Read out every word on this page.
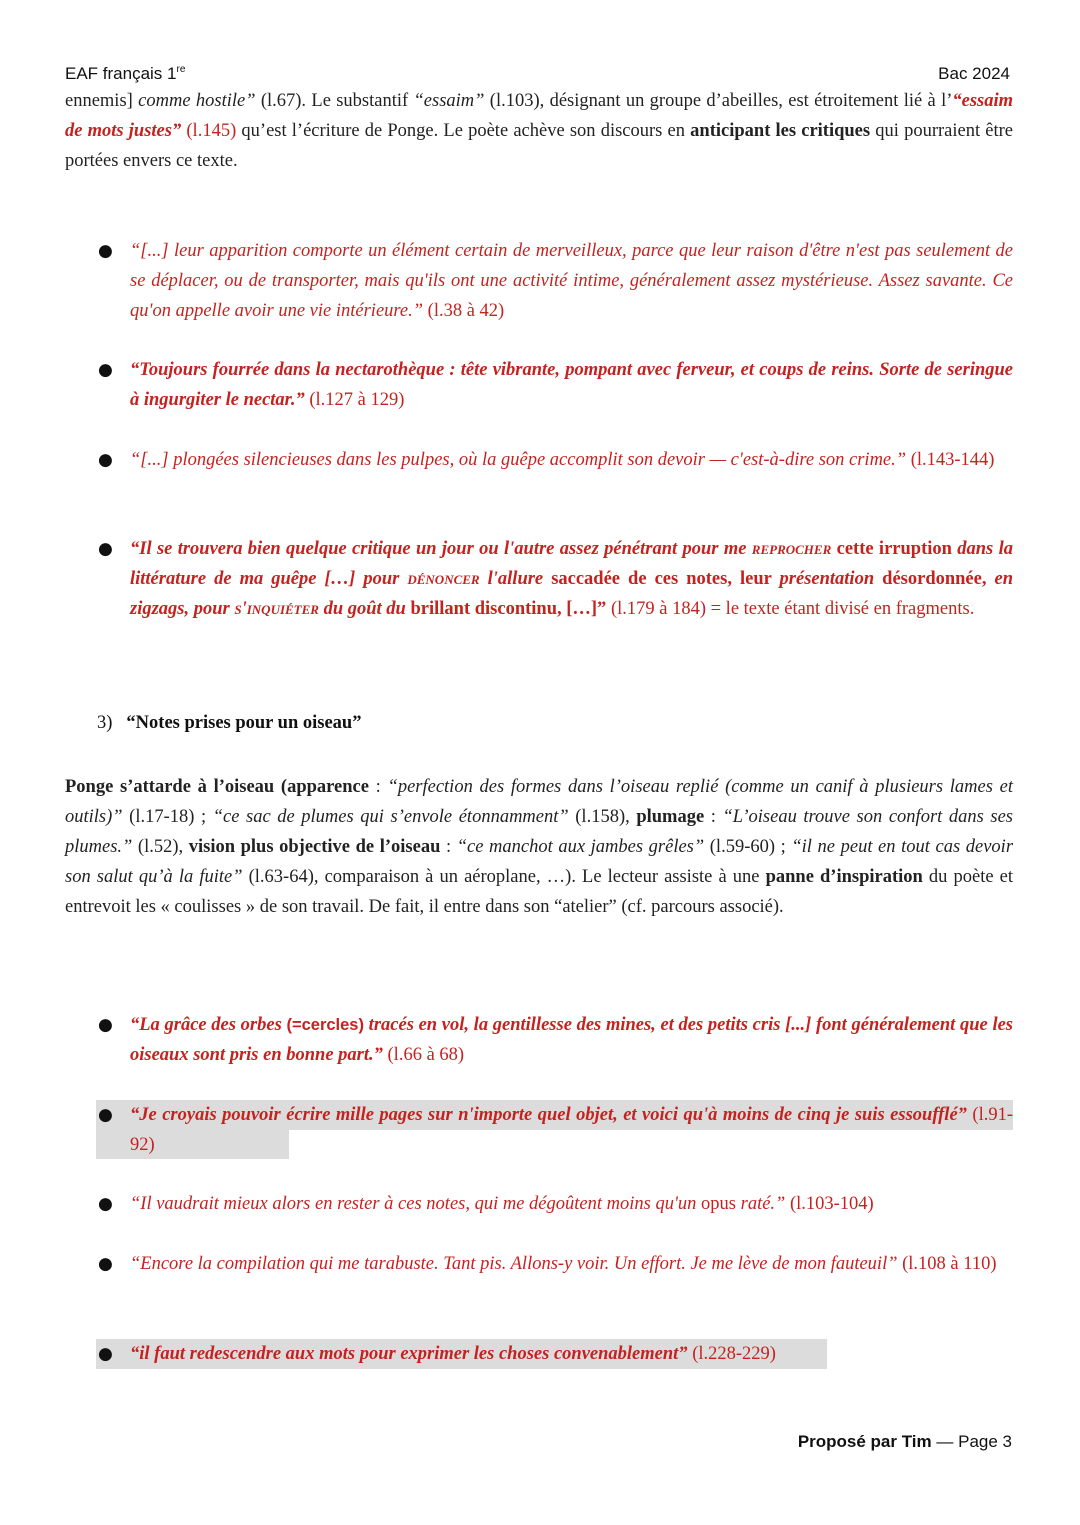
EAF français 1re	Bac 2024
ennemis] comme hostile” (l.67). Le substantif “essaim” (l.103), désignant un groupe d’abeilles, est étroitement lié à l’“essaim de mots justes” (l.145) qu’est l’écriture de Ponge. Le poète achève son discours en anticipant les critiques qui pourraient être portées envers ce texte.
● “[...] leur apparition comporte un élément certain de merveilleux, parce que leur raison d'être n'est pas seulement de se déplacer, ou de transporter, mais qu'ils ont une activité intime, généralement assez mystérieuse. Assez savante. Ce qu'on appelle avoir une vie intérieure.” (l.38 à 42)
● “Toujours fourrée dans la nectarothèque : tête vibrante, pompant avec ferveur, et coups de reins. Sorte de seringue à ingurgiter le nectar.” (l.127 à 129)
● “[...] plongées silencieuses dans les pulpes, où la guêpe accomplit son devoir — c'est-à-dire son crime.” (l.143-144)
● “Il se trouvera bien quelque critique un jour ou l'autre assez pénétrant pour me reprocher cette irruption dans la littérature de ma guêpe […] pour dénoncer l'allure saccadée de ces notes, leur présentation désordonnée, en zigzags, pour s'inquiéter du goût du brillant discontinu, […]” (l.179 à 184) = le texte étant divisé en fragments.
3) “Notes prises pour un oiseau”
Ponge s’attarde à l’oiseau (apparence : “perfection des formes dans l’oiseau replié (comme un canif à plusieurs lames et outils)” (l.17-18) ; “ce sac de plumes qui s’envole étonnamment” (l.158), plumage : “L’oiseau trouve son confort dans ses plumes.” (l.52), vision plus objective de l’oiseau : “ce manchot aux jambes grêles” (l.59-60) ; “il ne peut en tout cas devoir son salut qu’à la fuite” (l.63-64), comparaison à un aéroplane, …). Le lecteur assiste à une panne d’inspiration du poète et entrevoit les « coulisses » de son travail. De fait, il entre dans son “atelier” (cf. parcours associé).
● “La grâce des orbes (=cercles) tracés en vol, la gentillesse des mines, et des petits cris [...] font généralement que les oiseaux sont pris en bonne part.” (l.66 à 68)
● “Je croyais pouvoir écrire mille pages sur n'importe quel objet, et voici qu'à moins de cinq je suis essoufflé” (l.91-92)
● “Il vaudrait mieux alors en rester à ces notes, qui me dégoûtent moins qu'un opus raté.” (l.103-104)
● “Encore la compilation qui me tarabuste. Tant pis. Allons-y voir. Un effort. Je me lève de mon fauteuil” (l.108 à 110)
● “il faut redescendre aux mots pour exprimer les choses convenablement” (l.228-229)
Proposé par Tim — Page 3
